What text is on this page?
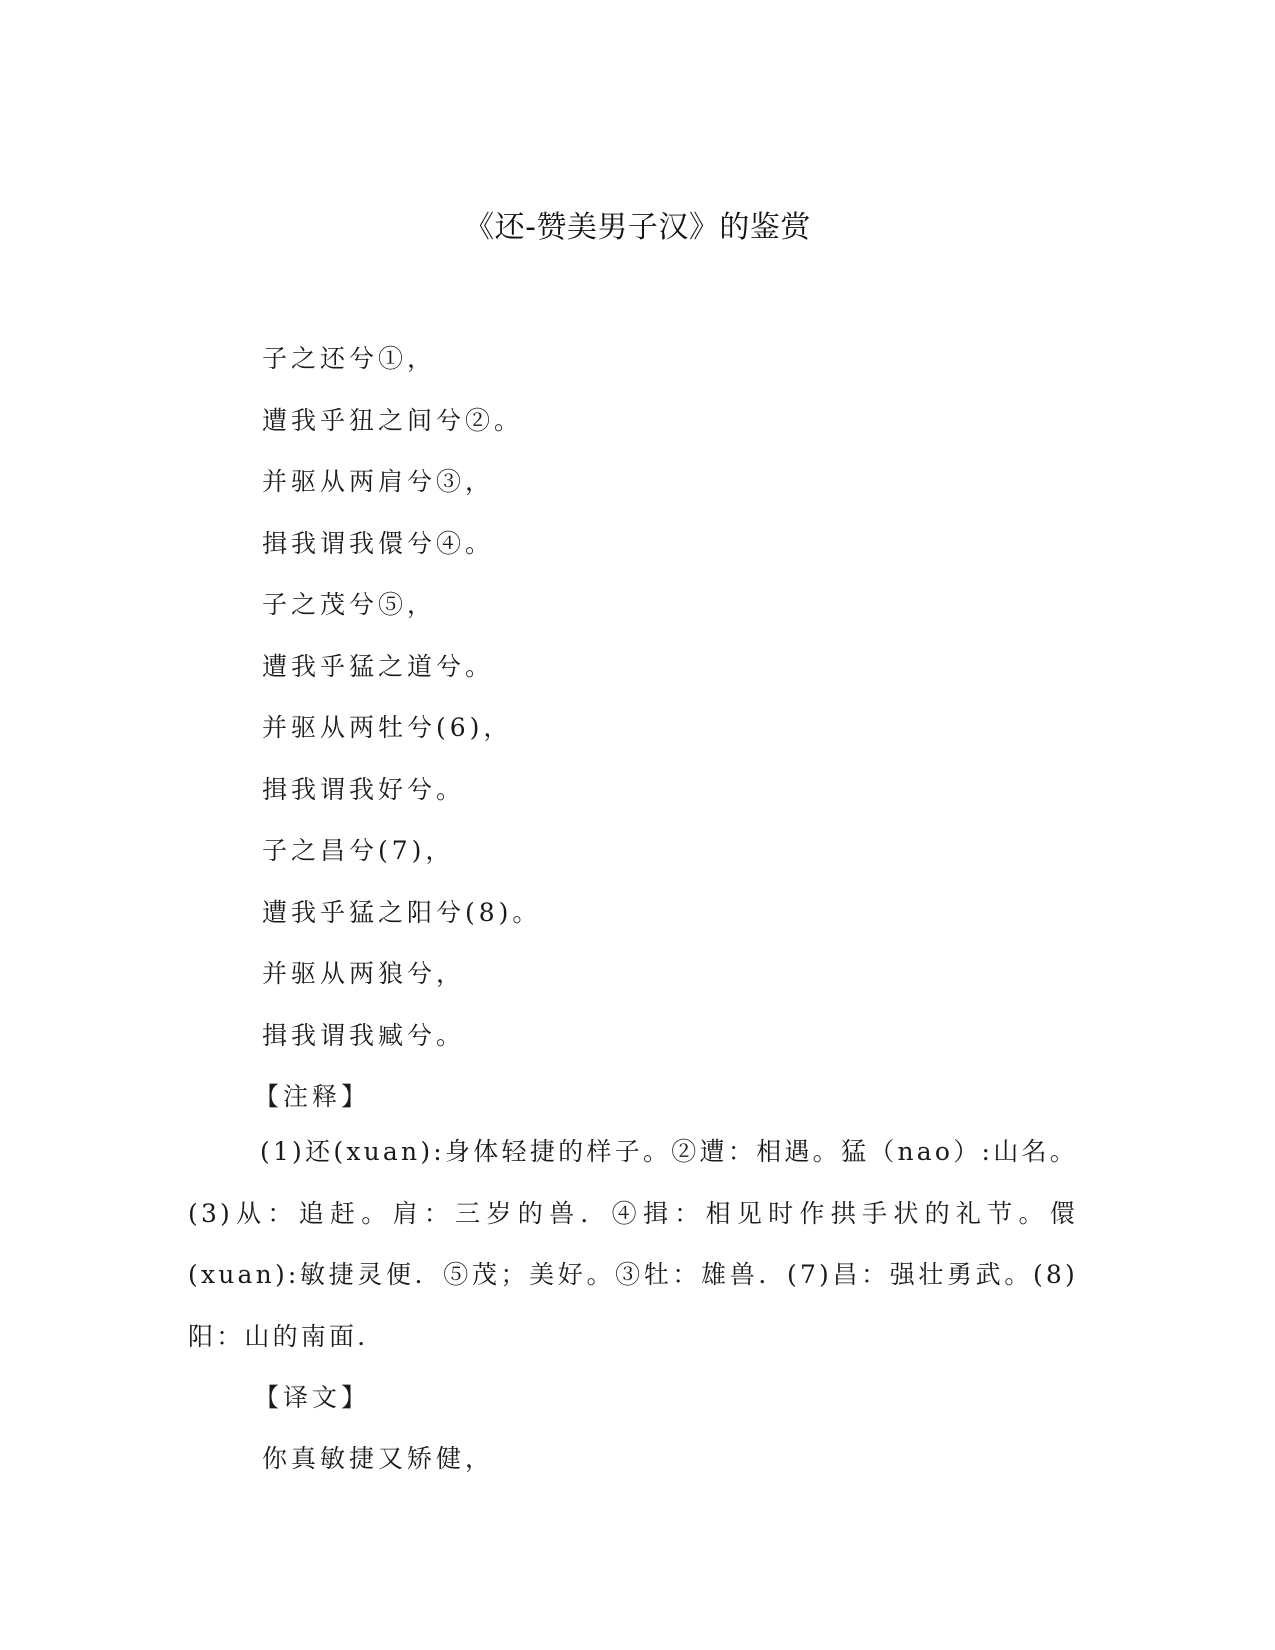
《还-赞美男子汉》的鉴赏
子之还兮①，
遭我乎狃之间兮②。
并驱从两肩兮③，
揖我谓我儇兮④。
子之茂兮⑤，
遭我乎猛之道兮。
并驱从两牡兮(6)，
揖我谓我好兮。
子之昌兮(7)，
遭我乎猛之阳兮(8)。
并驱从两狼兮，
揖我谓我臧兮。
【注释】
(1)还(xuan):身体轻捷的样子。②遭：相遇。猛（nao）:山名。(3)从：追赶。肩：三岁的兽．④揖：相见时作拱手状的礼节。儇(xuan):敏捷灵便．⑤茂；美好。③牡：雄兽．(7)昌：强壮勇武。(8)阳：山的南面．
【译文】
你真敏捷又矫健，
